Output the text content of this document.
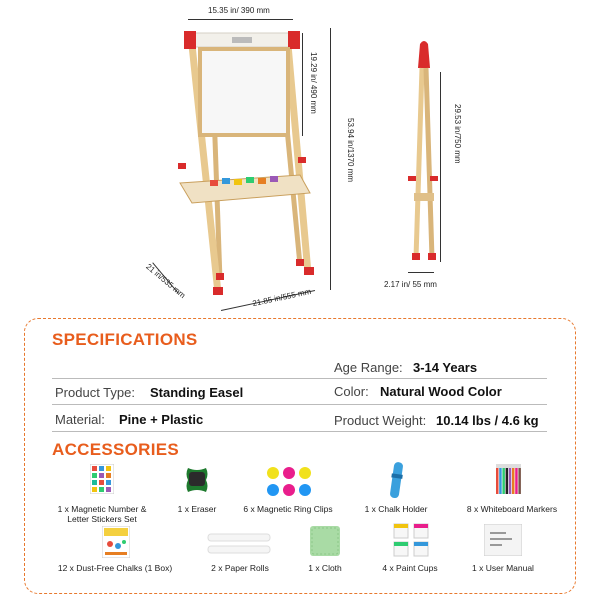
15.35 in/ 390 mm
19.29 in/ 490 mm
53.94 in/1370 mm
21 in/535 mm	21.85 in/555 mm
29.53 in/750 mm
2.17 in/ 55 mm
SPECIFICATIONS
Age Range: 3-14 Years
Product Type: Standing Easel	Color: Natural Wood Color
Material: Pine + Plastic	Product Weight: 10.14 lbs / 4.6 kg
ACCESSORIES
1 x Magnetic Number &
Letter Stickers Set
1 x Eraser	6 x Magnetic Ring Clips	1 x Chalk Holder	8 x Whiteboard Markers
12 x Dust-Free Chalks (1 Box)	2 x Paper Rolls	1 x Cloth	4 x Paint Cups	1 x User Manual
